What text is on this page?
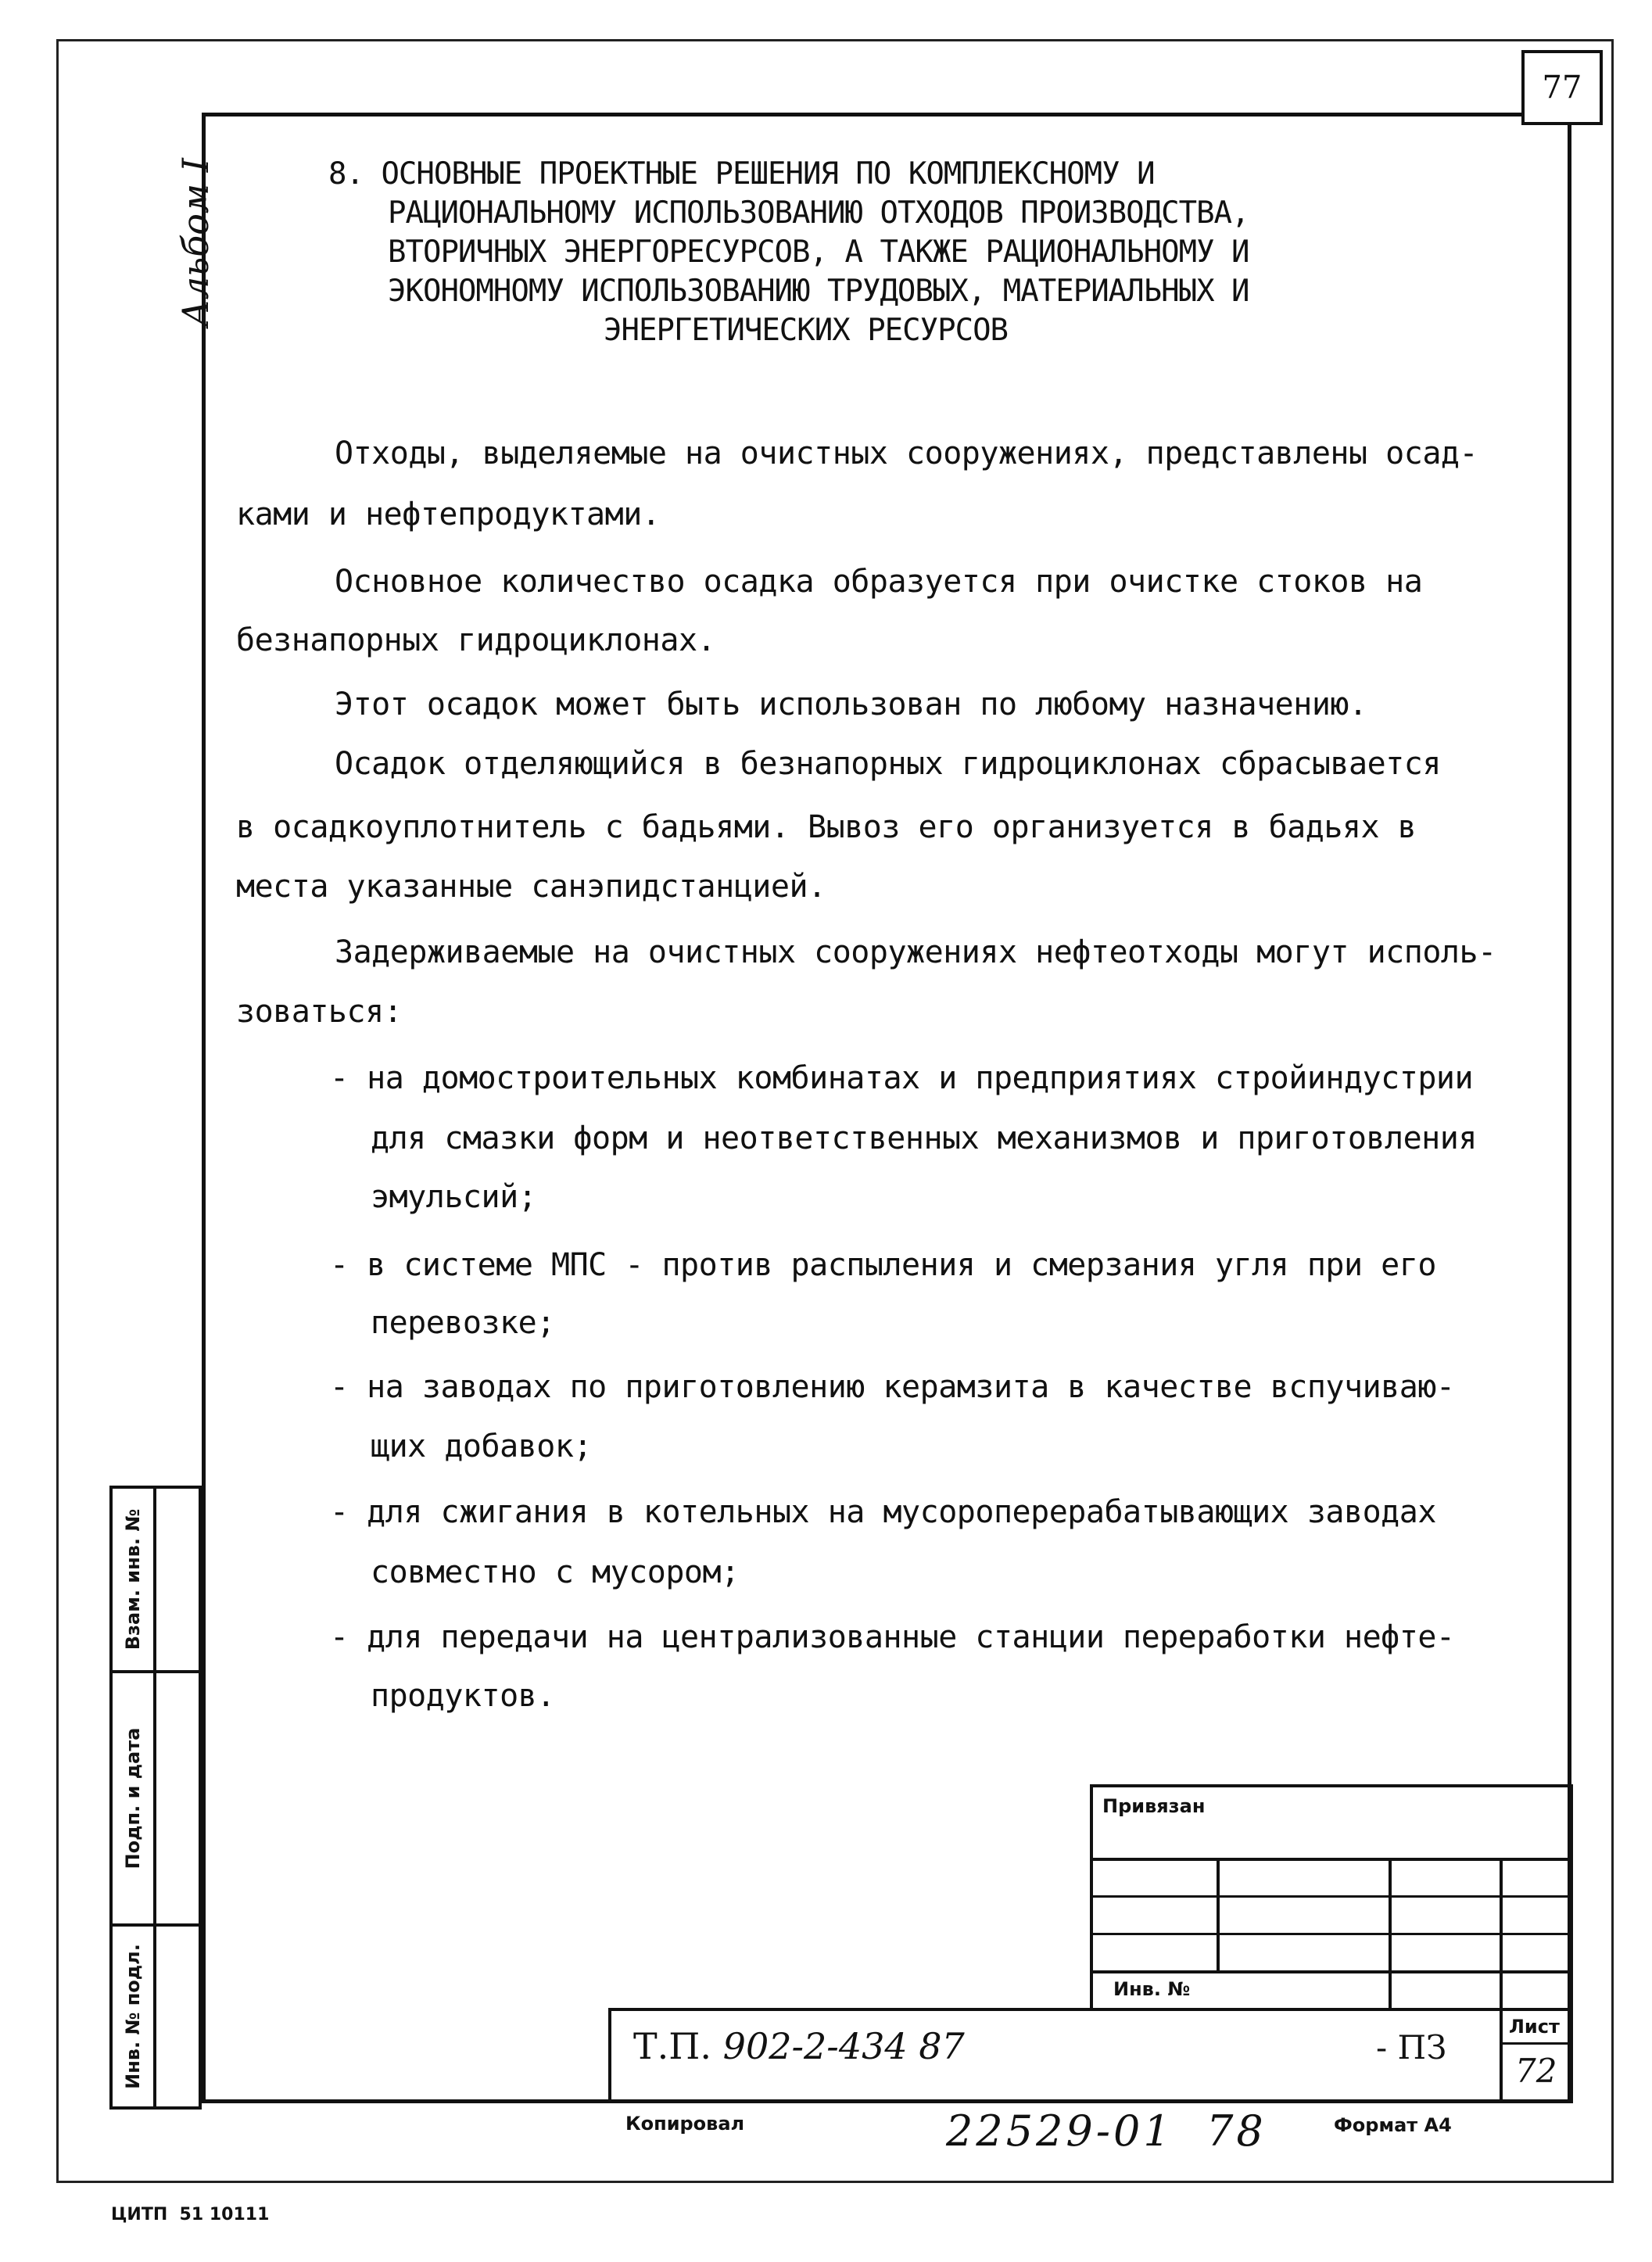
77
Альбом I	8. ОСНОВНЫЕ ПРОЕКТНЫЕ РЕШЕНИЯ ПО КОМПЛЕКСНОМУ И
РАЦИОНАЛЬНОМУ ИСПОЛЬЗОВАНИЮ ОТХОДОВ ПРОИЗВОДСТВА,
ВТОРИЧНЫХ ЭНЕРГОРЕСУРСОВ, А ТАКЖЕ РАЦИОНАЛЬНОМУ И
ЭКОНОМНОМУ ИСПОЛЬЗОВАНИЮ ТРУДОВЫХ, МАТЕРИАЛЬНЫХ И
ЭНЕРГЕТИЧЕСКИХ РЕСУРСОВ
Отходы, выделяемые на очистных сооружениях, представлены осад-
ками и нефтепродуктами.
Основное количество осадка образуется при очистке стоков на
безнапорных гидроциклонах.
Этот осадок может быть использован по любому назначению.
Осадок отделяющийся в безнапорных гидроциклонах сбрасывается
в осадкоуплотнитель с бадьями. Вывоз его организуется в бадьях в
места указанные санэпидстанцией.
Задерживаемые на очистных сооружениях нефтеотходы могут исполь-
зоваться:
- на домостроительных комбинатах и предприятиях стройиндустрии
для смазки форм и неответственных механизмов и приготовления
эмульсий;
- в системе МПС - против распыления и смерзания угля при его
перевозке;
- на заводах по приготовлению керамзита в качестве вспучиваю-
щих добавок;
- для сжигания в котельных на мусороперерабатывающих заводах
совместно с мусором;
- для передачи на централизованные станции переработки нефте-
продуктов.
Взам. инв. №
Подп. и дата
Инв. № подл.
Привязан
Инв. №
Лист
72
Т.П. 902-2-434 87	- ПЗ
Копировал	22529-01  78	Формат А4
ЦИТП  51 10111
